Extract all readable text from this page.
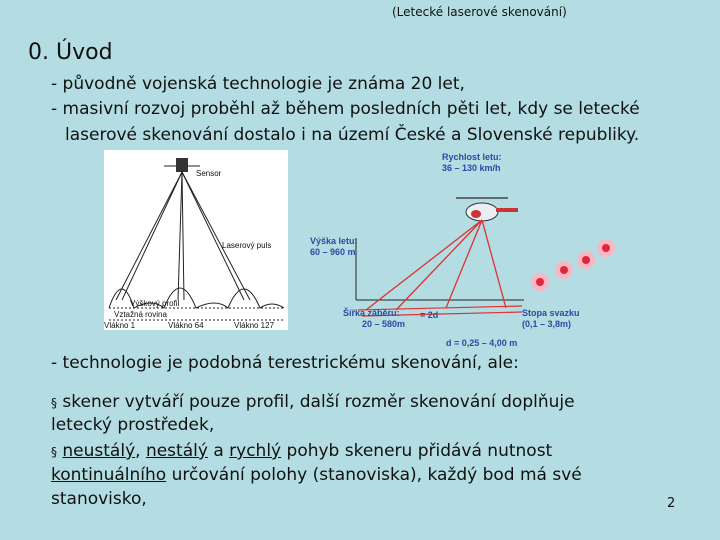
(Letecké laserové skenování)
0. Úvod
- původně vojenská technologie je známa 20 let,
- masivní rozvoj proběhl až během posledních pěti let, kdy se letecké
laserové skenování dostalo i na území České a Slovenské republiky.
Sensor
Laserový puls
Výškový profil
Vztažná rovina
Vlákno 1	Vlákno 64	Vlákno 127
Rychlost letu:
36 – 130 km/h
Výška letu:
60 – 960 m
Šířka záběru:
20 – 580m
= 2d	Stopa svazku
(0,1 – 3,8m)
d = 0,25 – 4,00 m
- technologie je podobná terestrickému skenování, ale:
§ skener vytváří pouze profil, další rozměr skenování doplňuje
letecký prostředek,
§ neustálý, nestálý a rychlý pohyb skeneru přidává nutnost
kontinuálního určování polohy (stanoviska), každý bod má své
stanovisko,	2
